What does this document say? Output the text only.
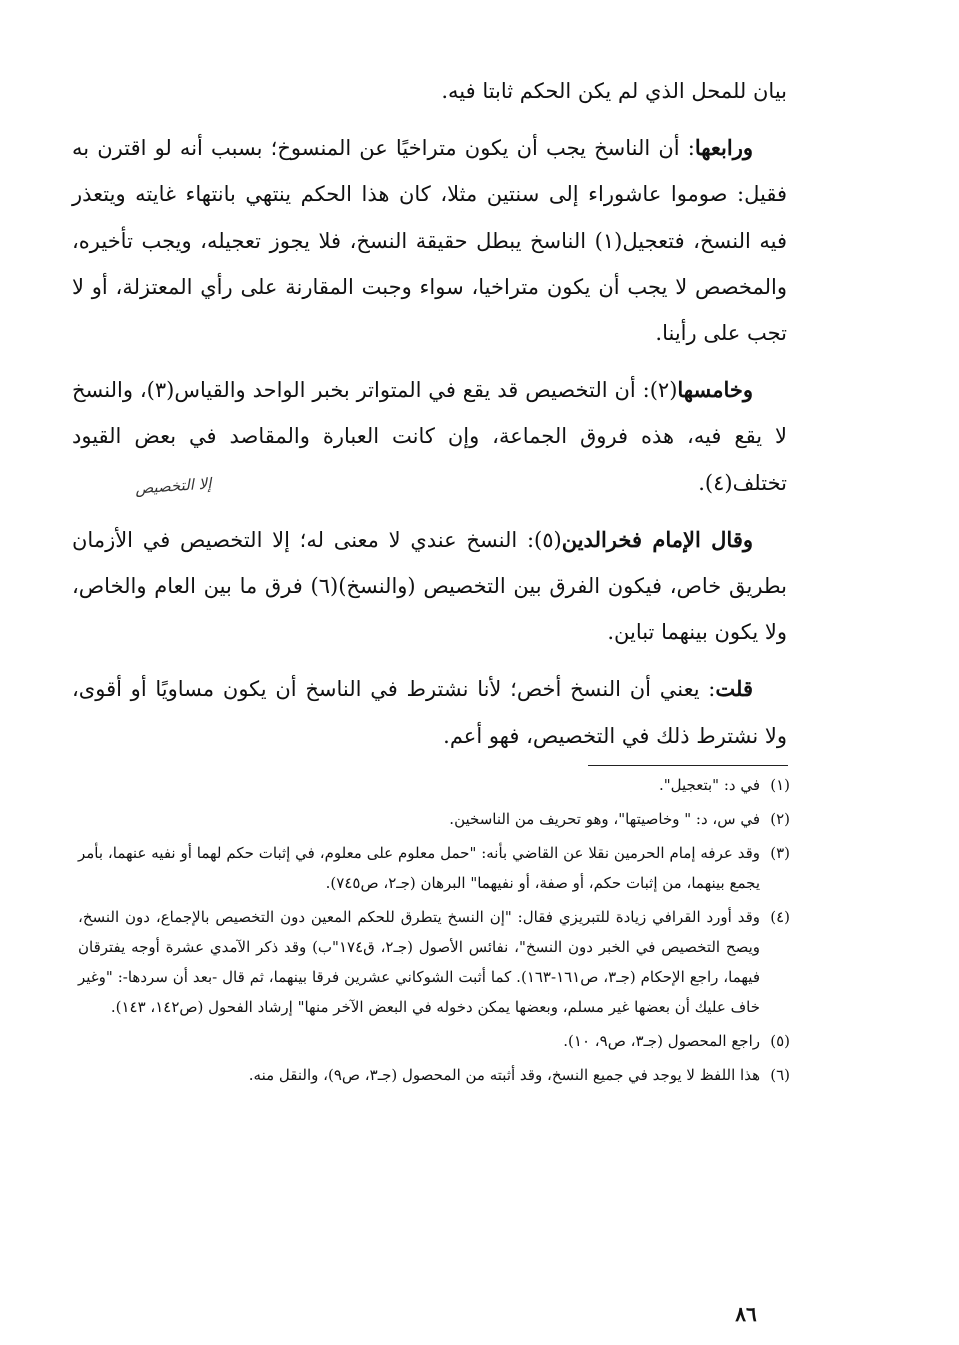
بيان للمحل الذي لم يكن الحكم ثابتا فيه.

ورابعها: أن الناسخ يجب أن يكون متراخيًا عن المنسوخ؛ بسبب أنه لو اقترن به فقيل: صوموا عاشوراء إلى سنتين مثلا، كان هذا الحكم ينتهي بانتهاء غايته ويتعذر فيه النسخ، فتعجيل(١) الناسخ يبطل حقيقة النسخ، فلا يجوز تعجيله، ويجب تأخيره، والمخصص لا يجب أن يكون متراخيا، سواء وجبت المقارنة على رأي المعتزلة، أو لا تجب على رأينا.

وخامسها(٢): أن التخصيص قد يقع في المتواتر بخبر الواحد والقياس(٣)، والنسخ لا يقع فيه، هذه فروق الجماعة، وإن كانت العبارة والمقاصد في بعض القيود تختلف(٤).

وقال الإمام فخرالدين(٥): النسخ عندي لا معنى له؛ إلا التخصيص في الأزمان بطريق خاص، فيكون الفرق بين التخصيص (والنسخ)(٦) فرق ما بين العام والخاص، ولا يكون بينهما تباين.

قلت: يعني أن النسخ أخص؛ لأنا نشترط في الناسخ أن يكون مساويًا أو أقوى، ولا نشترط ذلك في التخصيص، فهو أعم.

إلا التخصيص
(١)
في د: "بتعجيل".
(٢)
في س، د: " وخاصيتها"، وهو تحريف من الناسخين.
(٣)
وقد عرفه إمام الحرمين نقلا عن القاضي بأنه: "حمل معلوم على معلوم، في إثبات حكم لهما أو نفيه عنهما، بأمر يجمع بينهما، من إثبات حكم، أو صفة، أو نفيهما" البرهان (جـ٢، ص٧٤٥).
(٤)
وقد أورد القرافي زيادة للتبريزي فقال: "إن النسخ يتطرق للحكم المعين دون التخصيص بالإجماع، دون النسخ، ويصح التخصيص في الخبر دون النسخ"، نفائس الأصول (جـ٢، ق١٧٤"ب) وقد ذكر الآمدي عشرة أوجه يفترقان فيهما، راجع الإحكام (جـ٣، ص١٦١-١٦٣). كما أثبت الشوكاني عشرين فرقا بينهما، ثم قال -بعد أن سردها-: "وغير خاف عليك أن بعضها غير مسلم، وبعضها يمكن دخوله في البعض الآخر منها" إرشاد الفحول (ص١٤٢، ١٤٣).
(٥)
راجع المحصول (جـ٣، ص٩، ١٠).
(٦)
هذا اللفظ لا يوجد في جميع النسخ، وقد أثبته من المحصول (جـ٣، ص٩)، والنقل منه.
٨٦
